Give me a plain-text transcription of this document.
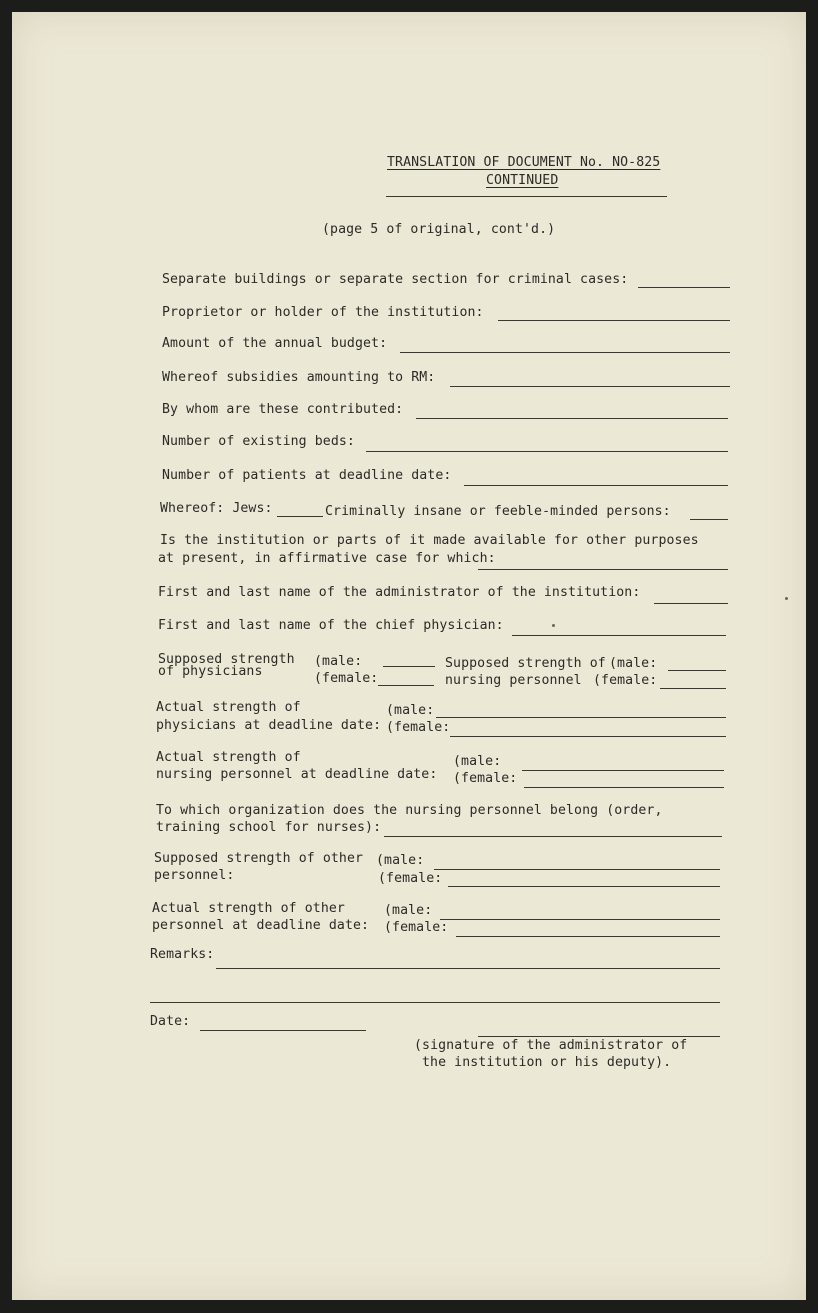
TRANSLATION OF DOCUMENT No. NO-825
CONTINUED
(page 5 of original, cont'd.)
Separate buildings or separate section for criminal cases:
Proprietor or holder of the institution:
Amount of the annual budget:
Whereof subsidies amounting to RM:
By whom are these contributed:
Number of existing beds:
Number of patients at deadline date:
Whereof: Jews:	Criminally insane or feeble-minded persons:
Is the institution or parts of it made available for other purposes
at present, in affirmative case for which:
First and last name of the administrator of the institution:
First and last name of the chief physician:
Supposed strength
of physicians
(male:
(female:
Supposed strength of
nursing personnel
(male:
(female:
Actual strength of
physicians at deadline date:
(male:
(female:
Actual strength of
nursing personnel at deadline date:
(male:
(female:
To which organization does the nursing personnel belong (order,
training school for nurses):
Supposed strength of other
personnel:
(male:
(female:
Actual strength of other
personnel at deadline date:
(male:
(female:
Remarks:
Date:
(signature of the administrator of
the institution or his deputy).
